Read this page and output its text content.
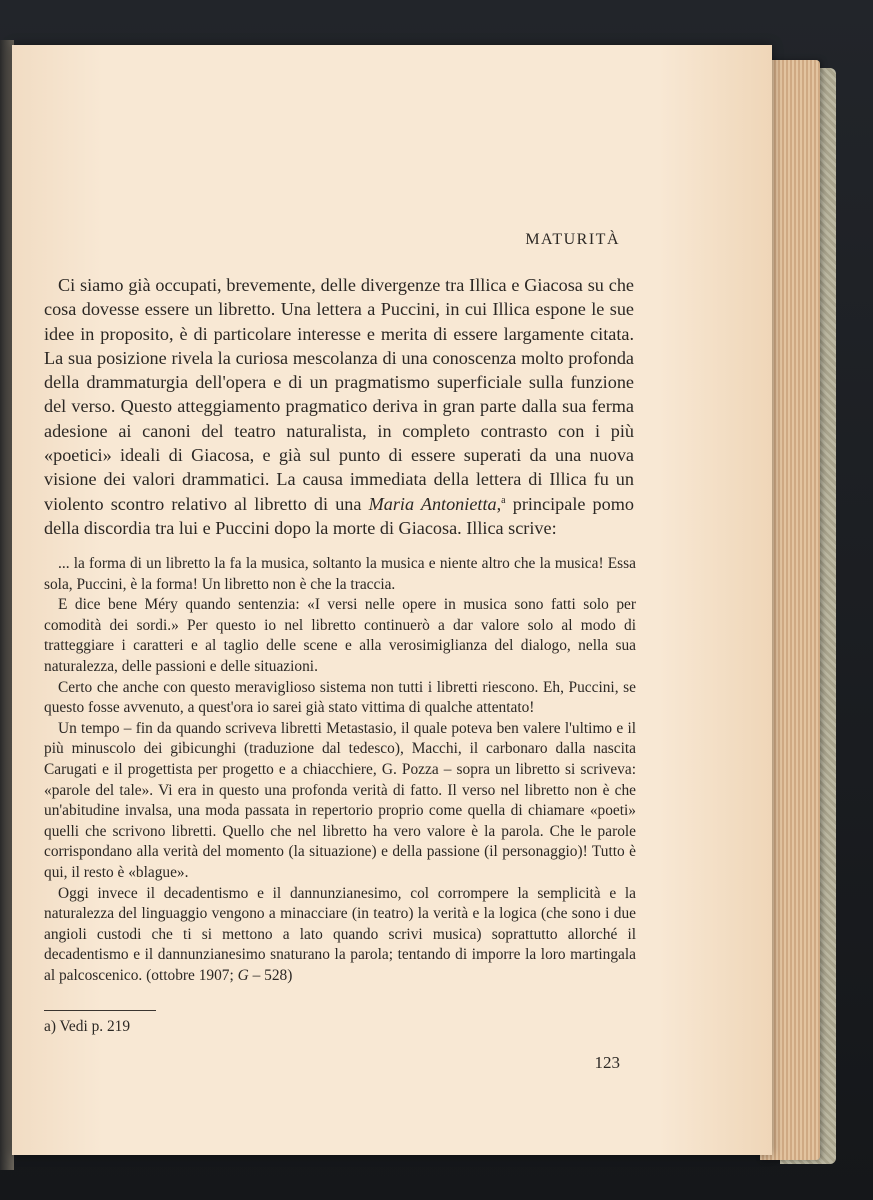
MATURITÀ

Ci siamo già occupati, brevemente, delle divergenze tra Illica e Giacosa su che cosa dovesse essere un libretto. Una lettera a Puccini, in cui Illica espone le sue idee in proposito, è di particolare interesse e merita di essere largamente citata. La sua posizione rivela la curiosa mescolanza di una conoscenza molto profonda della drammaturgia dell'opera e di un pragmatismo superficiale sulla funzione del verso. Questo atteggiamento pragmatico deriva in gran parte dalla sua ferma adesione ai canoni del teatro naturalista, in completo contrasto con i più «poetici» ideali di Giacosa, e già sul punto di essere superati da una nuova visione dei valori drammatici. La causa immediata della lettera di Illica fu un violento scontro relativo al libretto di una Maria Antonietta,$^a$ principale pomo della discordia tra lui e Puccini dopo la morte di Giacosa. Illica scrive:

... la forma di un libretto la fa la musica, soltanto la musica e niente altro che la musica! Essa sola, Puccini, è la forma! Un libretto non è che la traccia.

E dice bene Méry quando sentenzia: «I versi nelle opere in musica sono fatti solo per comodità dei sordi.» Per questo io nel libretto continuerò a dar valore solo al modo di tratteggiare i caratteri e al taglio delle scene e alla verosimiglianza del dialogo, nella sua naturalezza, delle passioni e delle situazioni.

Certo che anche con questo meraviglioso sistema non tutti i libretti riescono. Eh, Puccini, se questo fosse avvenuto, a quest'ora io sarei già stato vittima di qualche attentato!

Un tempo – fin da quando scriveva libretti Metastasio, il quale poteva ben valere l'ultimo e il più minuscolo dei gibicunghi (traduzione dal tedesco), Macchi, il carbonaro dalla nascita Carugati e il progettista per progetto e a chiacchiere, G. Pozza – sopra un libretto si scriveva: «parole del tale». Vi era in questo una profonda verità di fatto. Il verso nel libretto non è che un'abitudine invalsa, una moda passata in repertorio proprio come quella di chiamare «poeti» quelli che scrivono libretti. Quello che nel libretto ha vero valore è la parola. Che le parole corrispondano alla verità del momento (la situazione) e della passione (il personaggio)! Tutto è qui, il resto è «blague».

Oggi invece il decadentismo e il dannunzianesimo, col corrompere la semplicità e la naturalezza del linguaggio vengono a minacciare (in teatro) la verità e la logica (che sono i due angioli custodi che ti si mettono a lato quando scrivi musica) soprattutto allorché il decadentismo e il dannunzianesimo snaturano la parola; tentando di imporre la loro martingala al palcoscenico. (ottobre 1907; G – 528)

a) Vedi p. 219
123
